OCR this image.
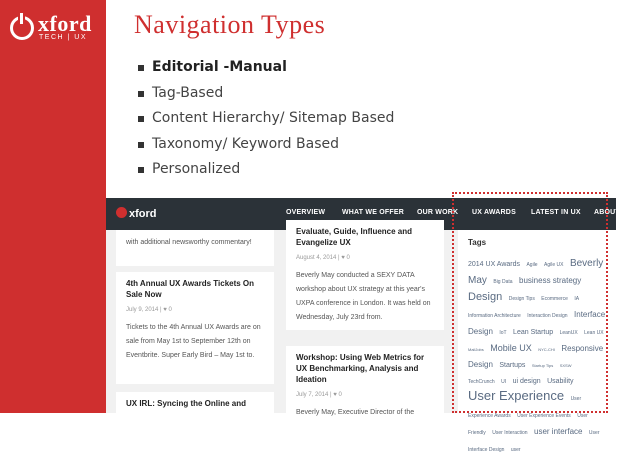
xford
TECH | UX Navigation Types
Editorial -Manual
Tag-Based
Content Hierarchy/ Sitemap Based
Taxonomy/ Keyword Based
Personalized
xford	OVERVIEW WHAT WE OFFER OUR WORK UX AWARDS LATEST IN UX ABOUT
with additional newsworthy commentary!
4th Annual UX Awards Tickets On Sale Now
July 9, 2014 | ♥ 0
Tickets to the 4th Annual UX Awards are on sale from May 1st to September 12th on Eventbrite. Super Early Bird – May 1st to.
UX IRL: Syncing the Online and
Evaluate, Guide, Influence and Evangelize UX
August 4, 2014 | ♥ 0
Beverly May conducted a SEXY DATA workshop about UX strategy at this year's UXPA conference in London. It was held on Wednesday, July 23rd from.
Workshop: Using Web Metrics for UX Benchmarking, Analysis and Ideation
July 7, 2014 | ♥ 0
Beverly May, Executive Director of the
Tags
2014 UX Awards Agile Agile UX Beverly May Big Data business strategy Design Design Tips Ecommerce IA Information Architecture Interaction Design Interface Design IoT Lean Startup LeanUX Lean UX MailJobs Mobile UX NYC-CHI Responsive Design Startups Startup Tips SXSW TechCrunch UI ui design Usability User Experience User Experience Awards User Experience Events User Friendly User Interaction user interface User Interface Design user
